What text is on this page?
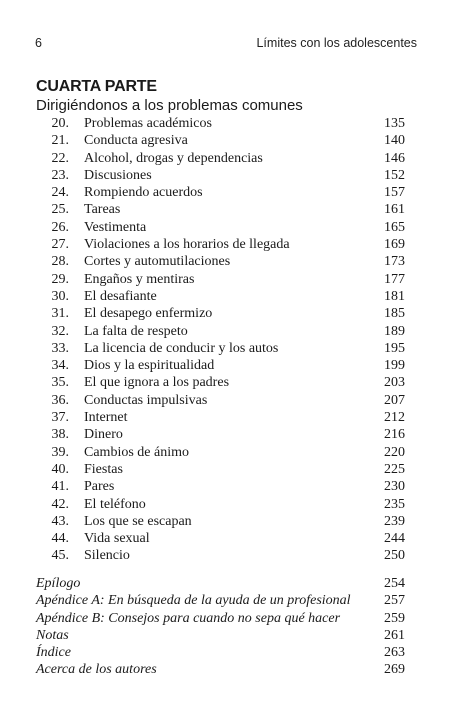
6	Límites con los adolescentes
CUARTA PARTE
Dirigiéndonos a los problemas comunes
20. Problemas académicos	135
21. Conducta agresiva	140
22. Alcohol, drogas y dependencias	146
23. Discusiones	152
24. Rompiendo acuerdos	157
25. Tareas	161
26. Vestimenta	165
27. Violaciones a los horarios de llegada	169
28. Cortes y automutilaciones	173
29. Engaños y mentiras	177
30. El desafiante	181
31. El desapego enfermizo	185
32. La falta de respeto	189
33. La licencia de conducir y los autos	195
34. Dios y la espiritualidad	199
35. El que ignora a los padres	203
36. Conductas impulsivas	207
37. Internet	212
38. Dinero	216
39. Cambios de ánimo	220
40. Fiestas	225
41. Pares	230
42. El teléfono	235
43. Los que se escapan	239
44. Vida sexual	244
45. Silencio	250
Epílogo	254
Apéndice A: En búsqueda de la ayuda de un profesional 257
Apéndice B: Consejos para cuando no sepa qué hacer	259
Notas	261
Índice	263
Acerca de los autores	269
